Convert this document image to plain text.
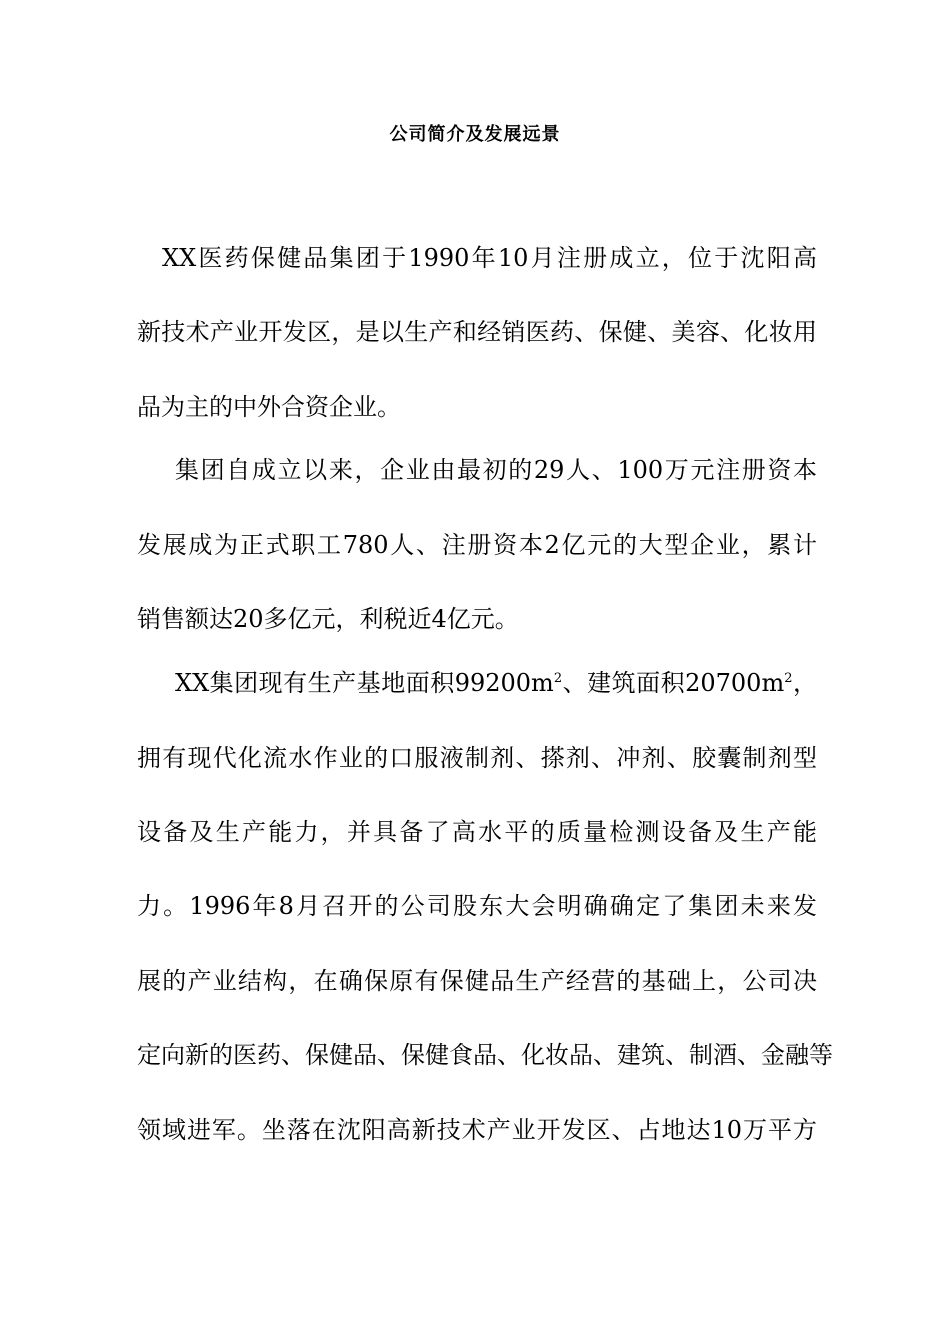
公司简介及发展远景
XX医药保健品集团于1990年10月注册成立，位于沈阳高
新技术产业开发区，是以生产和经销医药、保健、美容、化妆用
品为主的中外合资企业。
集团自成立以来，企业由最初的29人、100万元注册资本
发展成为正式职工780人、注册资本2亿元的大型企业，累计
销售额达20多亿元，利税近4亿元。
XX集团现有生产基地面积$99200m^2$、建筑面积$20700m^2$，
拥有现代化流水作业的口服液制剂、搽剂、冲剂、胶囊制剂型
设备及生产能力，并具备了高水平的质量检测设备及生产能
力。1996年8月召开的公司股东大会明确确定了集团未来发
展的产业结构，在确保原有保健品生产经营的基础上，公司决
定向新的医药、保健品、保健食品、化妆品、建筑、制酒、金融等
领域进军。坐落在沈阳高新技术产业开发区、占地达10万平方
